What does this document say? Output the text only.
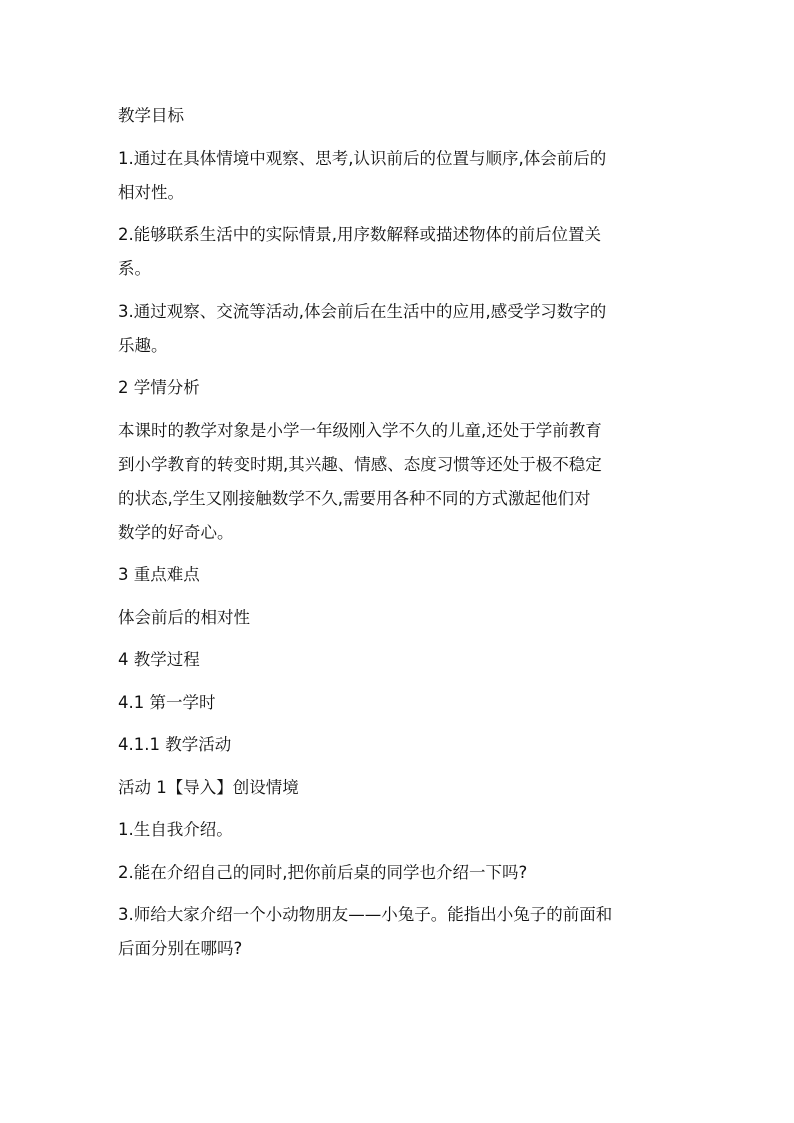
教学目标

1.通过在具体情境中观察、思考,认识前后的位置与顺序,体会前后的

相对性。

2.能够联系生活中的实际情景,用序数解释或描述物体的前后位置关

系。

3.通过观察、交流等活动,体会前后在生活中的应用,感受学习数字的

乐趣。

2 学情分析

本课时的教学对象是小学一年级刚入学不久的儿童,还处于学前教育

到小学教育的转变时期,其兴趣、情感、态度习惯等还处于极不稳定

的状态,学生又刚接触数学不久,需要用各种不同的方式激起他们对

数学的好奇心。

3 重点难点

体会前后的相对性

4 教学过程

4.1 第一学时

4.1.1 教学活动

活动 1【导入】创设情境

1.生自我介绍。

2.能在介绍自己的同时,把你前后桌的同学也介绍一下吗?

3.师给大家介绍一个小动物朋友——小兔子。能指出小兔子的前面和

后面分别在哪吗?
